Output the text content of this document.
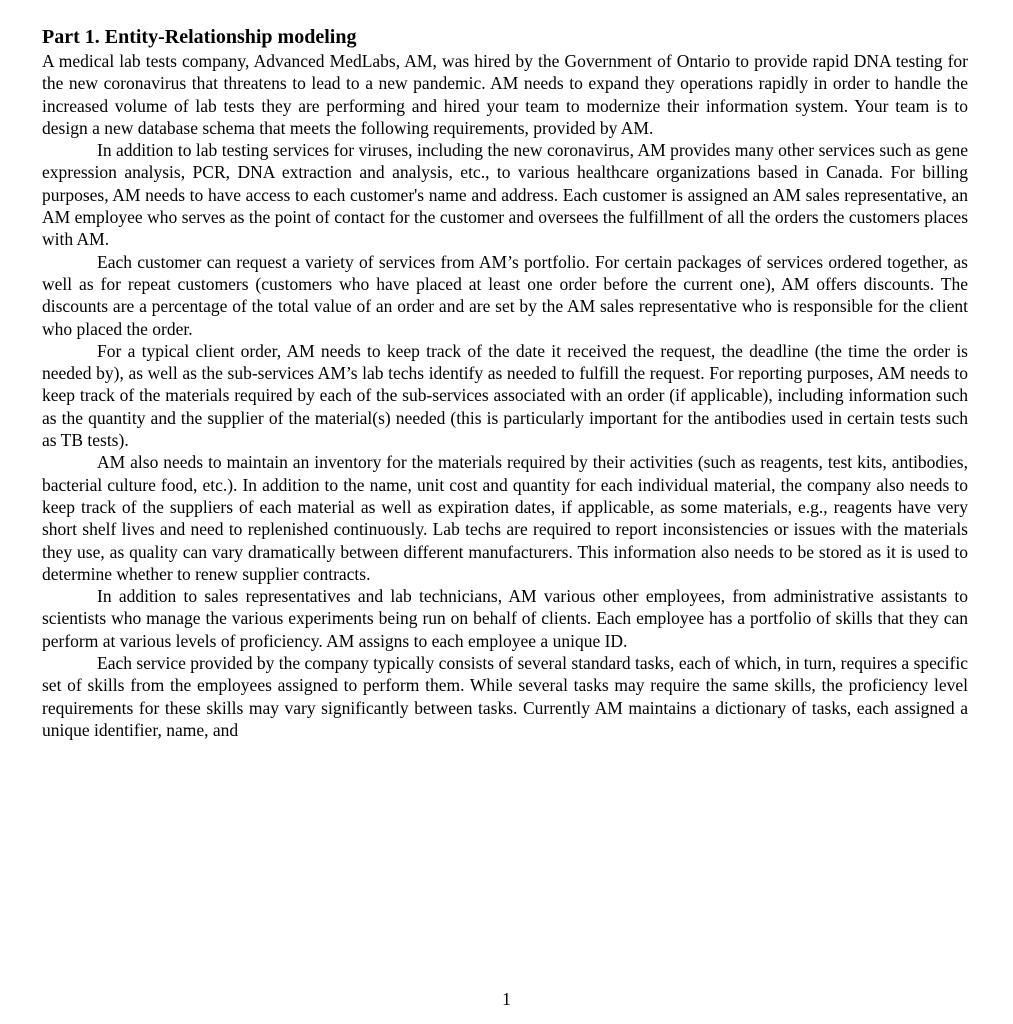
Part 1. Entity-Relationship modeling

A medical lab tests company, Advanced MedLabs, AM, was hired by the Government of Ontario to provide rapid DNA testing for the new coronavirus that threatens to lead to a new pandemic. AM needs to expand they operations rapidly in order to handle the increased volume of lab tests they are performing and hired your team to modernize their information system. Your team is to design a new database schema that meets the following requirements, provided by AM.

In addition to lab testing services for viruses, including the new coronavirus, AM provides many other services such as gene expression analysis, PCR, DNA extraction and analysis, etc., to various healthcare organizations based in Canada. For billing purposes, AM needs to have access to each customer's name and address. Each customer is assigned an AM sales representative, an AM employee who serves as the point of contact for the customer and oversees the fulfillment of all the orders the customers places with AM.

Each customer can request a variety of services from AM’s portfolio. For certain packages of services ordered together, as well as for repeat customers (customers who have placed at least one order before the current one), AM offers discounts. The discounts are a percentage of the total value of an order and are set by the AM sales representative who is responsible for the client who placed the order.

For a typical client order, AM needs to keep track of the date it received the request, the deadline (the time the order is needed by), as well as the sub-services AM’s lab techs identify as needed to fulfill the request. For reporting purposes, AM needs to keep track of the materials required by each of the sub-services associated with an order (if applicable), including information such as the quantity and the supplier of the material(s) needed (this is particularly important for the antibodies used in certain tests such as TB tests).

AM also needs to maintain an inventory for the materials required by their activities (such as reagents, test kits, antibodies, bacterial culture food, etc.). In addition to the name, unit cost and quantity for each individual material, the company also needs to keep track of the suppliers of each material as well as expiration dates, if applicable, as some materials, e.g., reagents have very short shelf lives and need to replenished continuously. Lab techs are required to report inconsistencies or issues with the materials they use, as quality can vary dramatically between different manufacturers. This information also needs to be stored as it is used to determine whether to renew supplier contracts.

In addition to sales representatives and lab technicians, AM various other employees, from administrative assistants to scientists who manage the various experiments being run on behalf of clients. Each employee has a portfolio of skills that they can perform at various levels of proficiency. AM assigns to each employee a unique ID.

Each service provided by the company typically consists of several standard tasks, each of which, in turn, requires a specific set of skills from the employees assigned to perform them. While several tasks may require the same skills, the proficiency level requirements for these skills may vary significantly between tasks. Currently AM maintains a dictionary of tasks, each assigned a unique identifier, name, and

1
